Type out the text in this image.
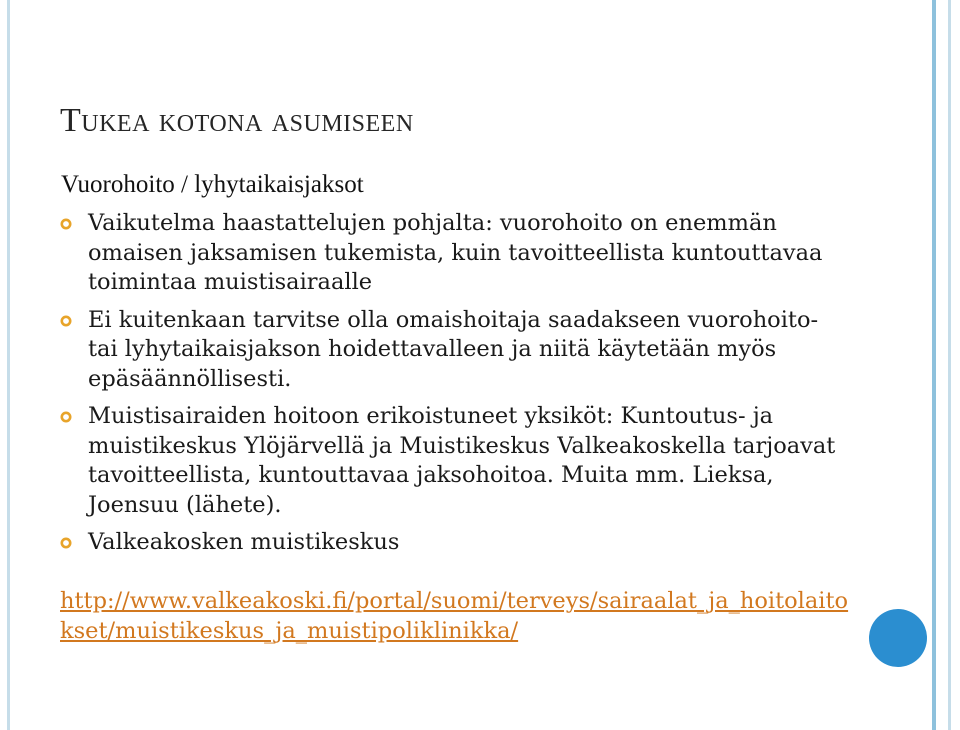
Tukea kotona asumiseen
Vuorohoito / lyhytaikaisjaksot
Vaikutelma haastattelujen pohjalta: vuorohoito on enemmän omaisen jaksamisen tukemista, kuin tavoitteellista kuntouttavaa toimintaa muistisairaalle
Ei kuitenkaan tarvitse olla omaishoitaja saadakseen vuorohoito- tai lyhytaikaisjakson hoidettavalleen ja niitä käytetään myös epäsäännöllisesti.
Muistisairaiden hoitoon erikoistuneet yksiköt: Kuntoutus- ja muistikeskus Ylöjärvellä ja Muistikeskus Valkeakoskella tarjoavat tavoitteellista, kuntouttavaa jaksohoitoa. Muita mm. Lieksa, Joensuu (lähete).
Valkeakosken muistikeskus
http://www.valkeakoski.fi/portal/suomi/terveys/sairaalat_ja_hoitolaitokset/muistikeskus_ja_muistipoliklinikka/
